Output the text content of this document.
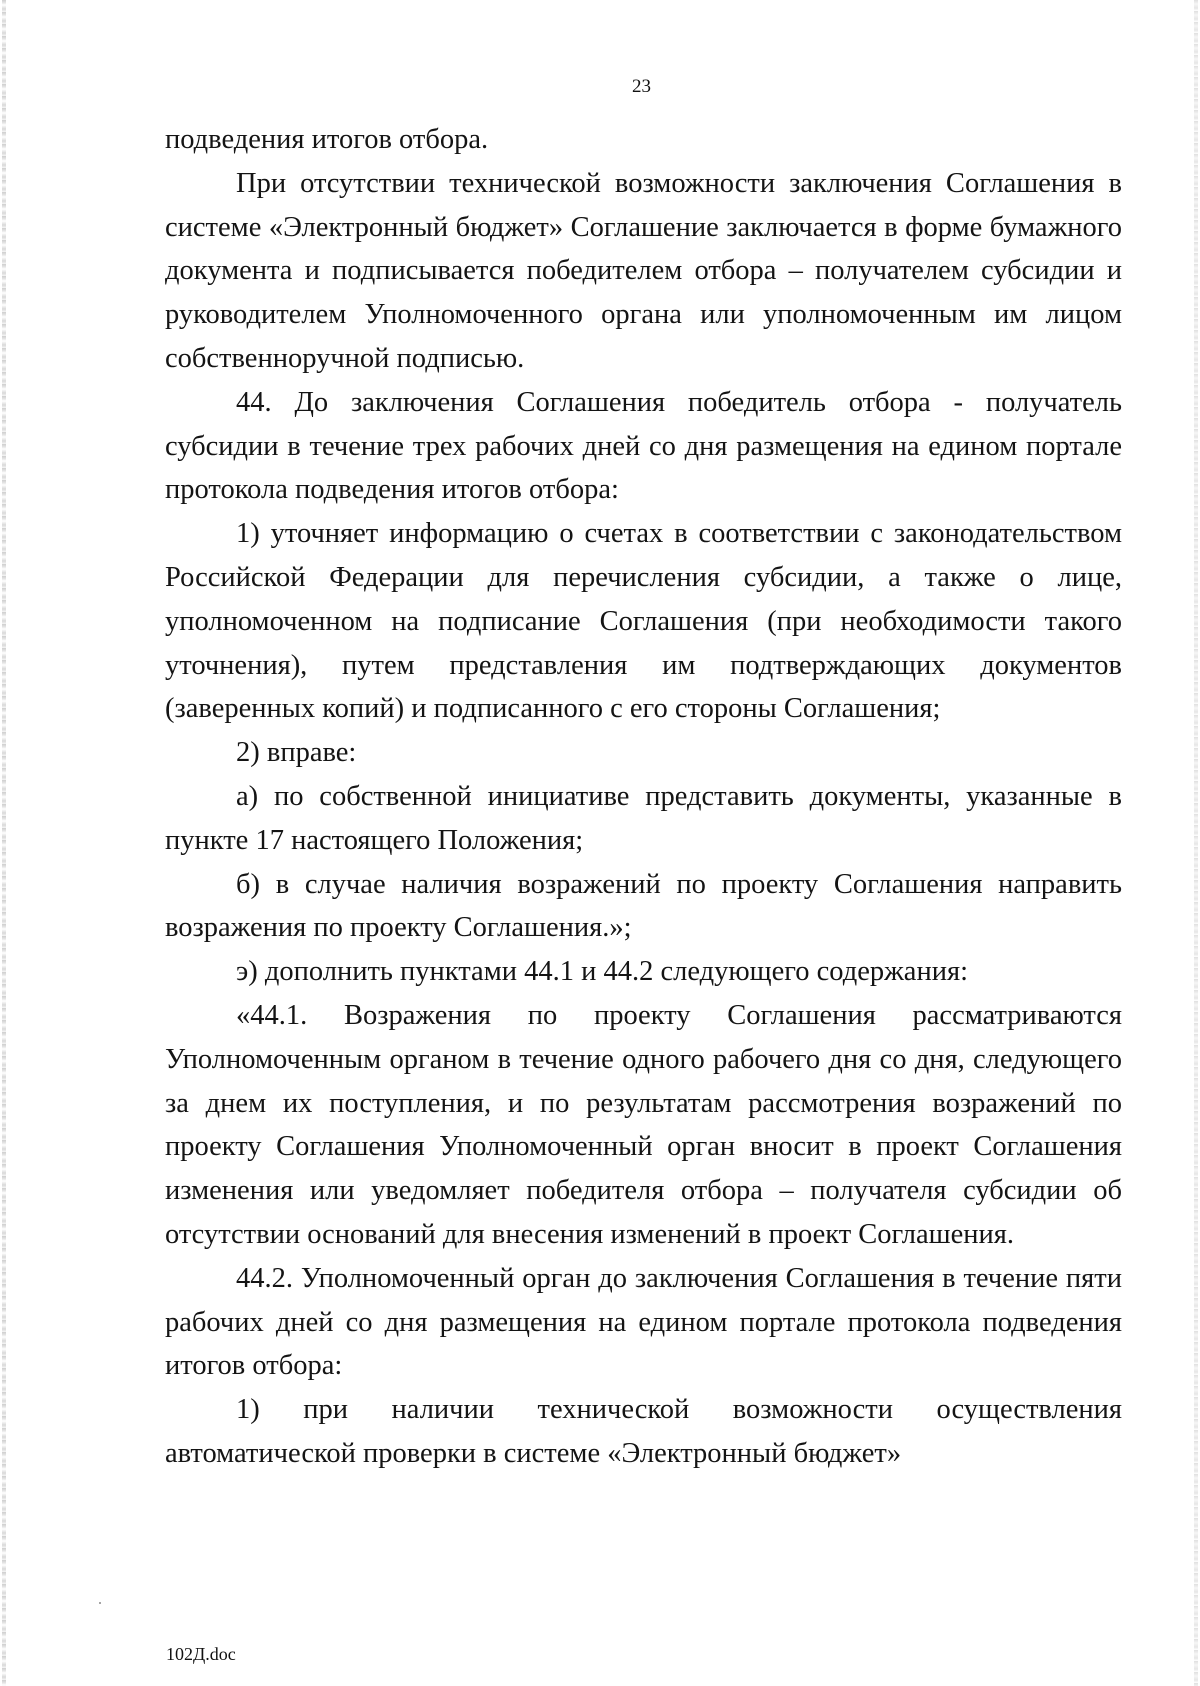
23

подведения итогов отбора.

При отсутствии технической возможности заключения Соглашения в системе «Электронный бюджет» Соглашение заключается в форме бумажного документа и подписывается победителем отбора – получателем субсидии и руководителем Уполномоченного органа или уполномоченным им лицом собственноручной подписью.

44. До заключения Соглашения победитель отбора - получатель субсидии в течение трех рабочих дней со дня размещения на едином портале протокола подведения итогов отбора:

1) уточняет информацию о счетах в соответствии с законодательством Российской Федерации для перечисления субсидии, а также о лице, уполномоченном на подписание Соглашения (при необходимости такого уточнения), путем представления им подтверждающих документов (заверенных копий) и подписанного с его стороны Соглашения;

2) вправе:

а) по собственной инициативе представить документы, указанные в пункте 17 настоящего Положения;

б) в случае наличия возражений по проекту Соглашения направить возражения по проекту Соглашения.»;

э) дополнить пунктами 44.1 и 44.2 следующего содержания:

«44.1. Возражения по проекту Соглашения рассматриваются Уполномоченным органом в течение одного рабочего дня со дня, следующего за днем их поступления, и по результатам рассмотрения возражений по проекту Соглашения Уполномоченный орган вносит в проект Соглашения изменения или уведомляет победителя отбора – получателя субсидии об отсутствии оснований для внесения изменений в проект Соглашения.

44.2. Уполномоченный орган до заключения Соглашения в течение пяти рабочих дней со дня размещения на едином портале протокола подведения итогов отбора:

1) при наличии технической возможности осуществления автоматической проверки в системе «Электронный бюджет»

102Д.doc
